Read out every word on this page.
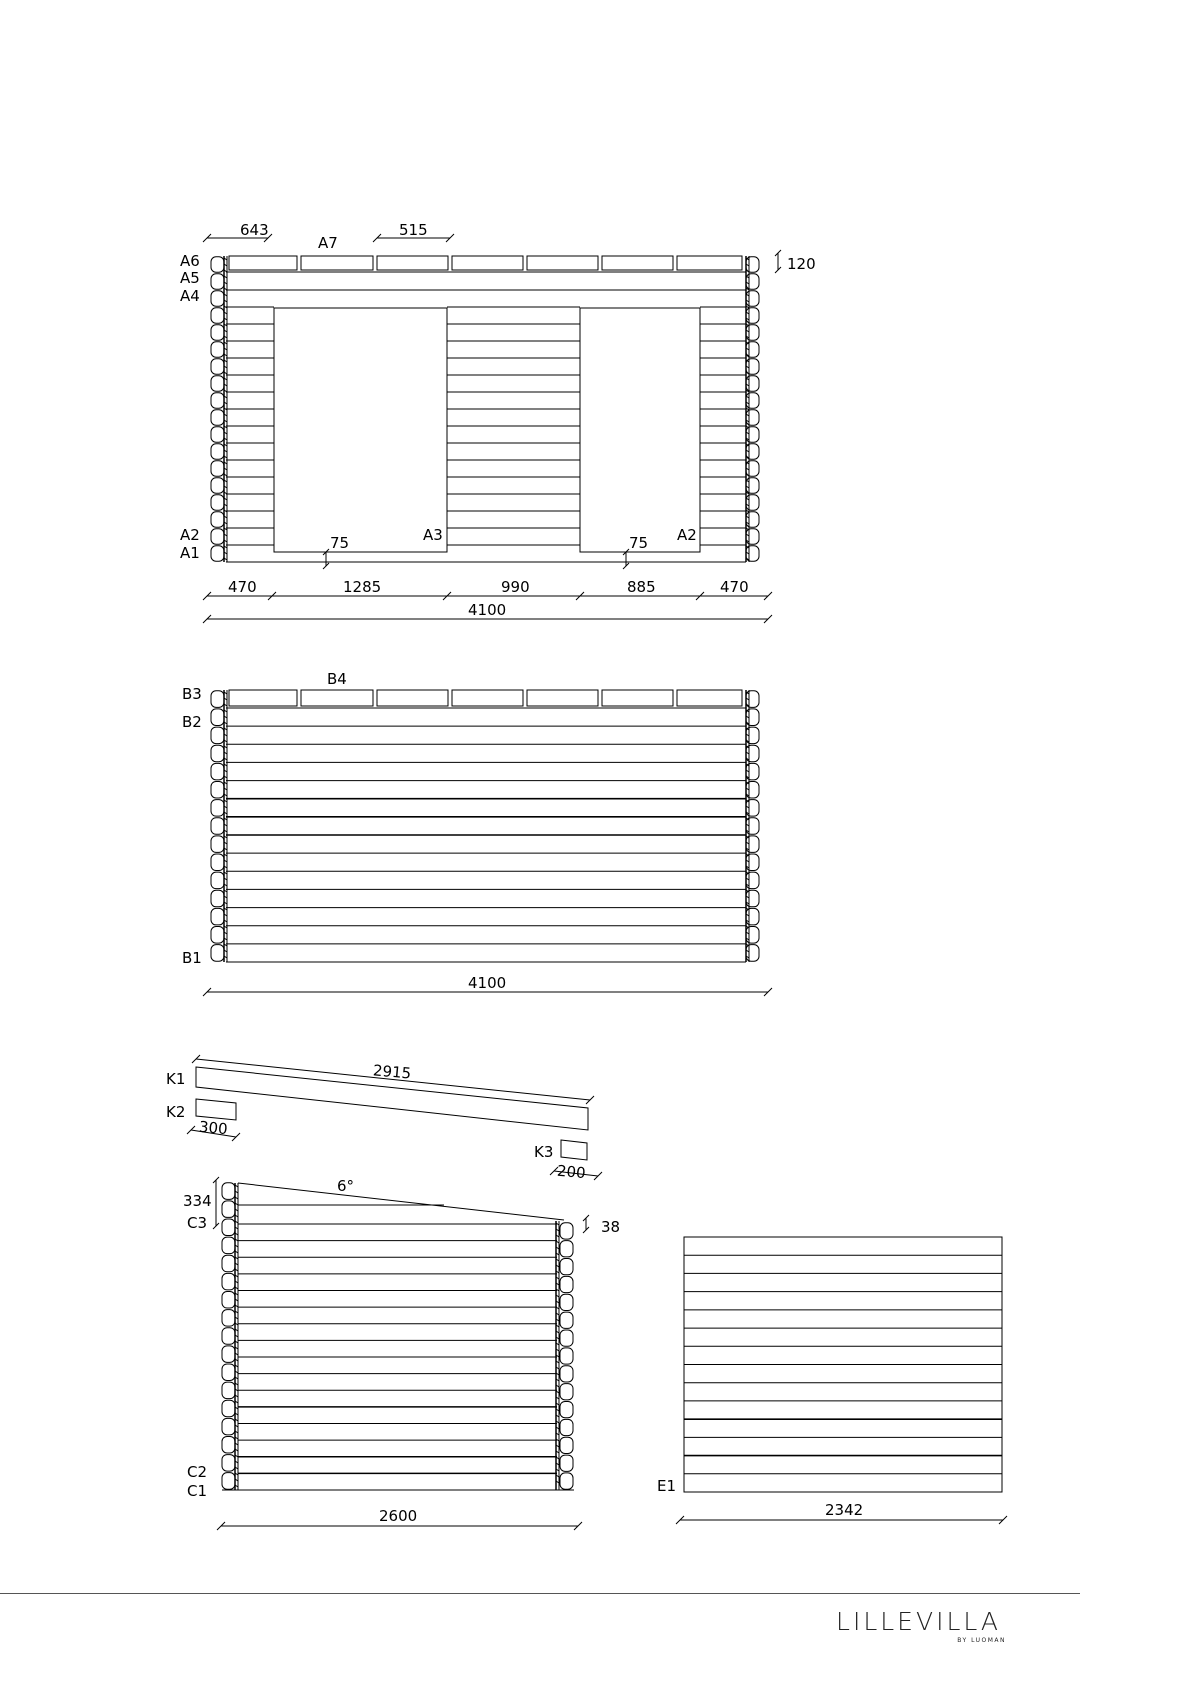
A6
A5
A4
A2
A1
A7
A3	A2
643	515
120
75	75
470	1285	990	885	470
4100
B3
B2
B1
B4
4100
K1
K2
K3
2915
300
200
334
C3
C2
C1
6°
38
2600
E1
2342
LILLEVILLA
BY LUOMAN
